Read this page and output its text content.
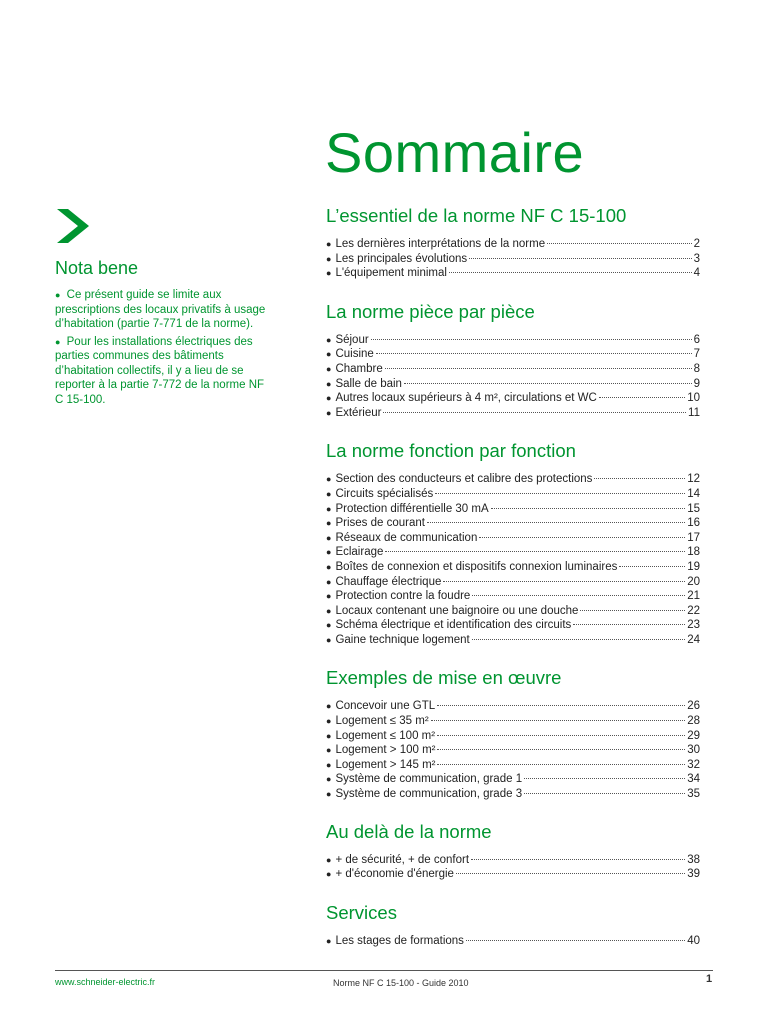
Sommaire
Nota bene

● Ce présent guide se limite aux prescriptions des locaux privatifs à usage d’habitation (partie 7-771 de la norme).

● Pour les installations électriques des parties communes des bâtiments d’habitation collectifs, il y a lieu de se reporter à la partie 7-772 de la norme NF C 15-100.

L’essentiel de la norme NF C 15-100
● Les dernières interprétations de la norme	2
● Les principales évolutions	3
● L'équipement minimal	4
La norme pièce par pièce
● Séjour	6
● Cuisine	7
● Chambre	8
● Salle de bain	9
● Autres locaux supérieurs à 4 m², circulations et WC	10
● Extérieur	11
La norme fonction par fonction
● Section des conducteurs et calibre des protections	12
● Circuits spécialisés	14
● Protection différentielle 30 mA	15
● Prises de courant	16
● Réseaux de communication	17
● Eclairage	18
● Boîtes de connexion et dispositifs connexion luminaires	19
● Chauffage électrique	20
● Protection contre la foudre	21
● Locaux contenant une baignoire ou une douche	22
● Schéma électrique et identification des circuits	23
● Gaine technique logement	24
Exemples de mise en œuvre
● Concevoir une GTL	26
● Logement ≤ 35 m²	28
● Logement ≤ 100 m²	29
● Logement > 100 m²	30
● Logement > 145 m²	32
● Système de communication, grade 1	34
● Système de communication, grade 3	35
Au delà de la norme
● + de sécurité, + de confort	38
● + d'économie d'énergie	39
Services
● Les stages de formations	40
www.schneider-electric.fr	Norme NF C 15-100 - Guide 2010	1
